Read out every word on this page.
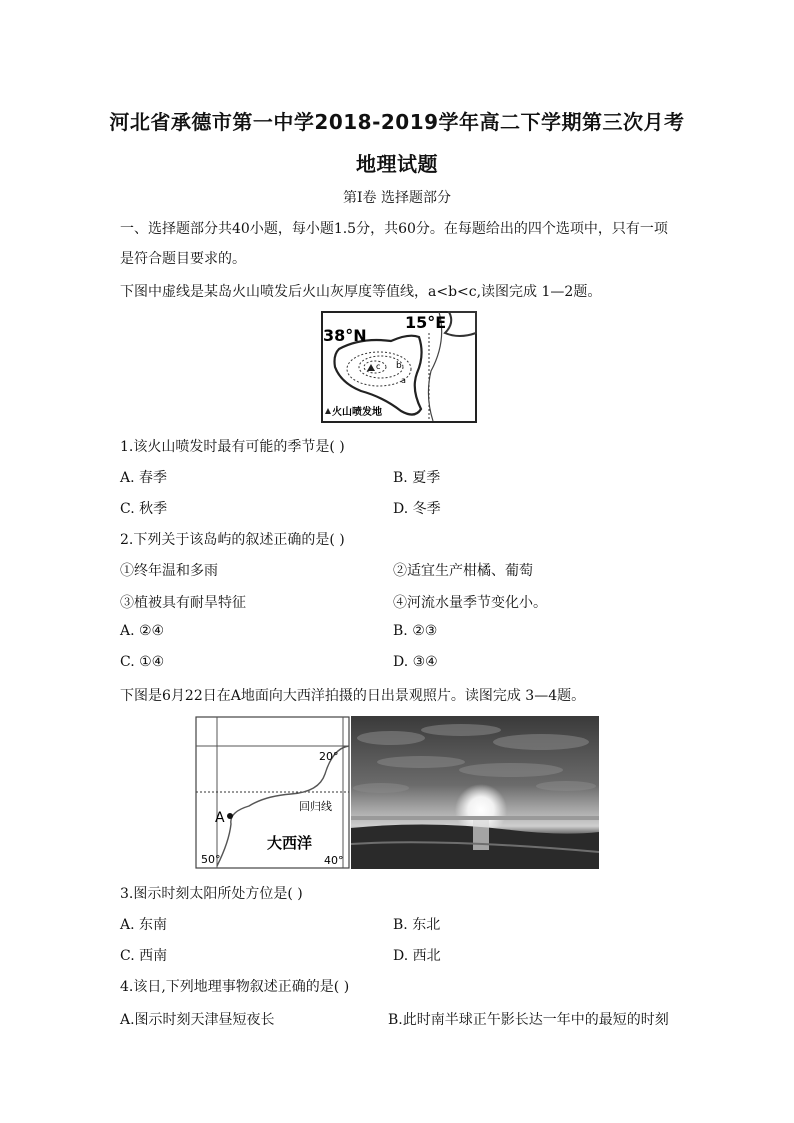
河北省承德市第一中学2018-2019学年高二下学期第三次月考
地理试题
第Ⅰ卷 选择题部分
一、选择题部分共40小题，每小题1.5分，共60分。在每题给出的四个选项中，只有一项
是符合题目要求的。
下图中虚线是某岛火山喷发后火山灰厚度等值线，a<b<c,读图完成 1—2题。
c b
a
38°N
15°E
火山喷发地
1.该火山喷发时最有可能的季节是( )
A. 春季	B. 夏季
C. 秋季	D. 冬季
2.下列关于该岛屿的叙述正确的是( )
①终年温和多雨	②适宜生产柑橘、葡萄
③植被具有耐旱特征	④河流水量季节变化小。
A. ②④	B. ②③
C. ①④	D. ③④
下图是6月22日在A地面向大西洋拍摄的日出景观照片。读图完成 3—4题。
20°
回归线
A
大西洋
50°	40°
3.图示时刻太阳所处方位是( )
A. 东南	B. 东北
C. 西南	D. 西北
4.该日,下列地理事物叙述正确的是( )
A.图示时刻天津昼短夜长	B.此时南半球正午影长达一年中的最短的时刻
